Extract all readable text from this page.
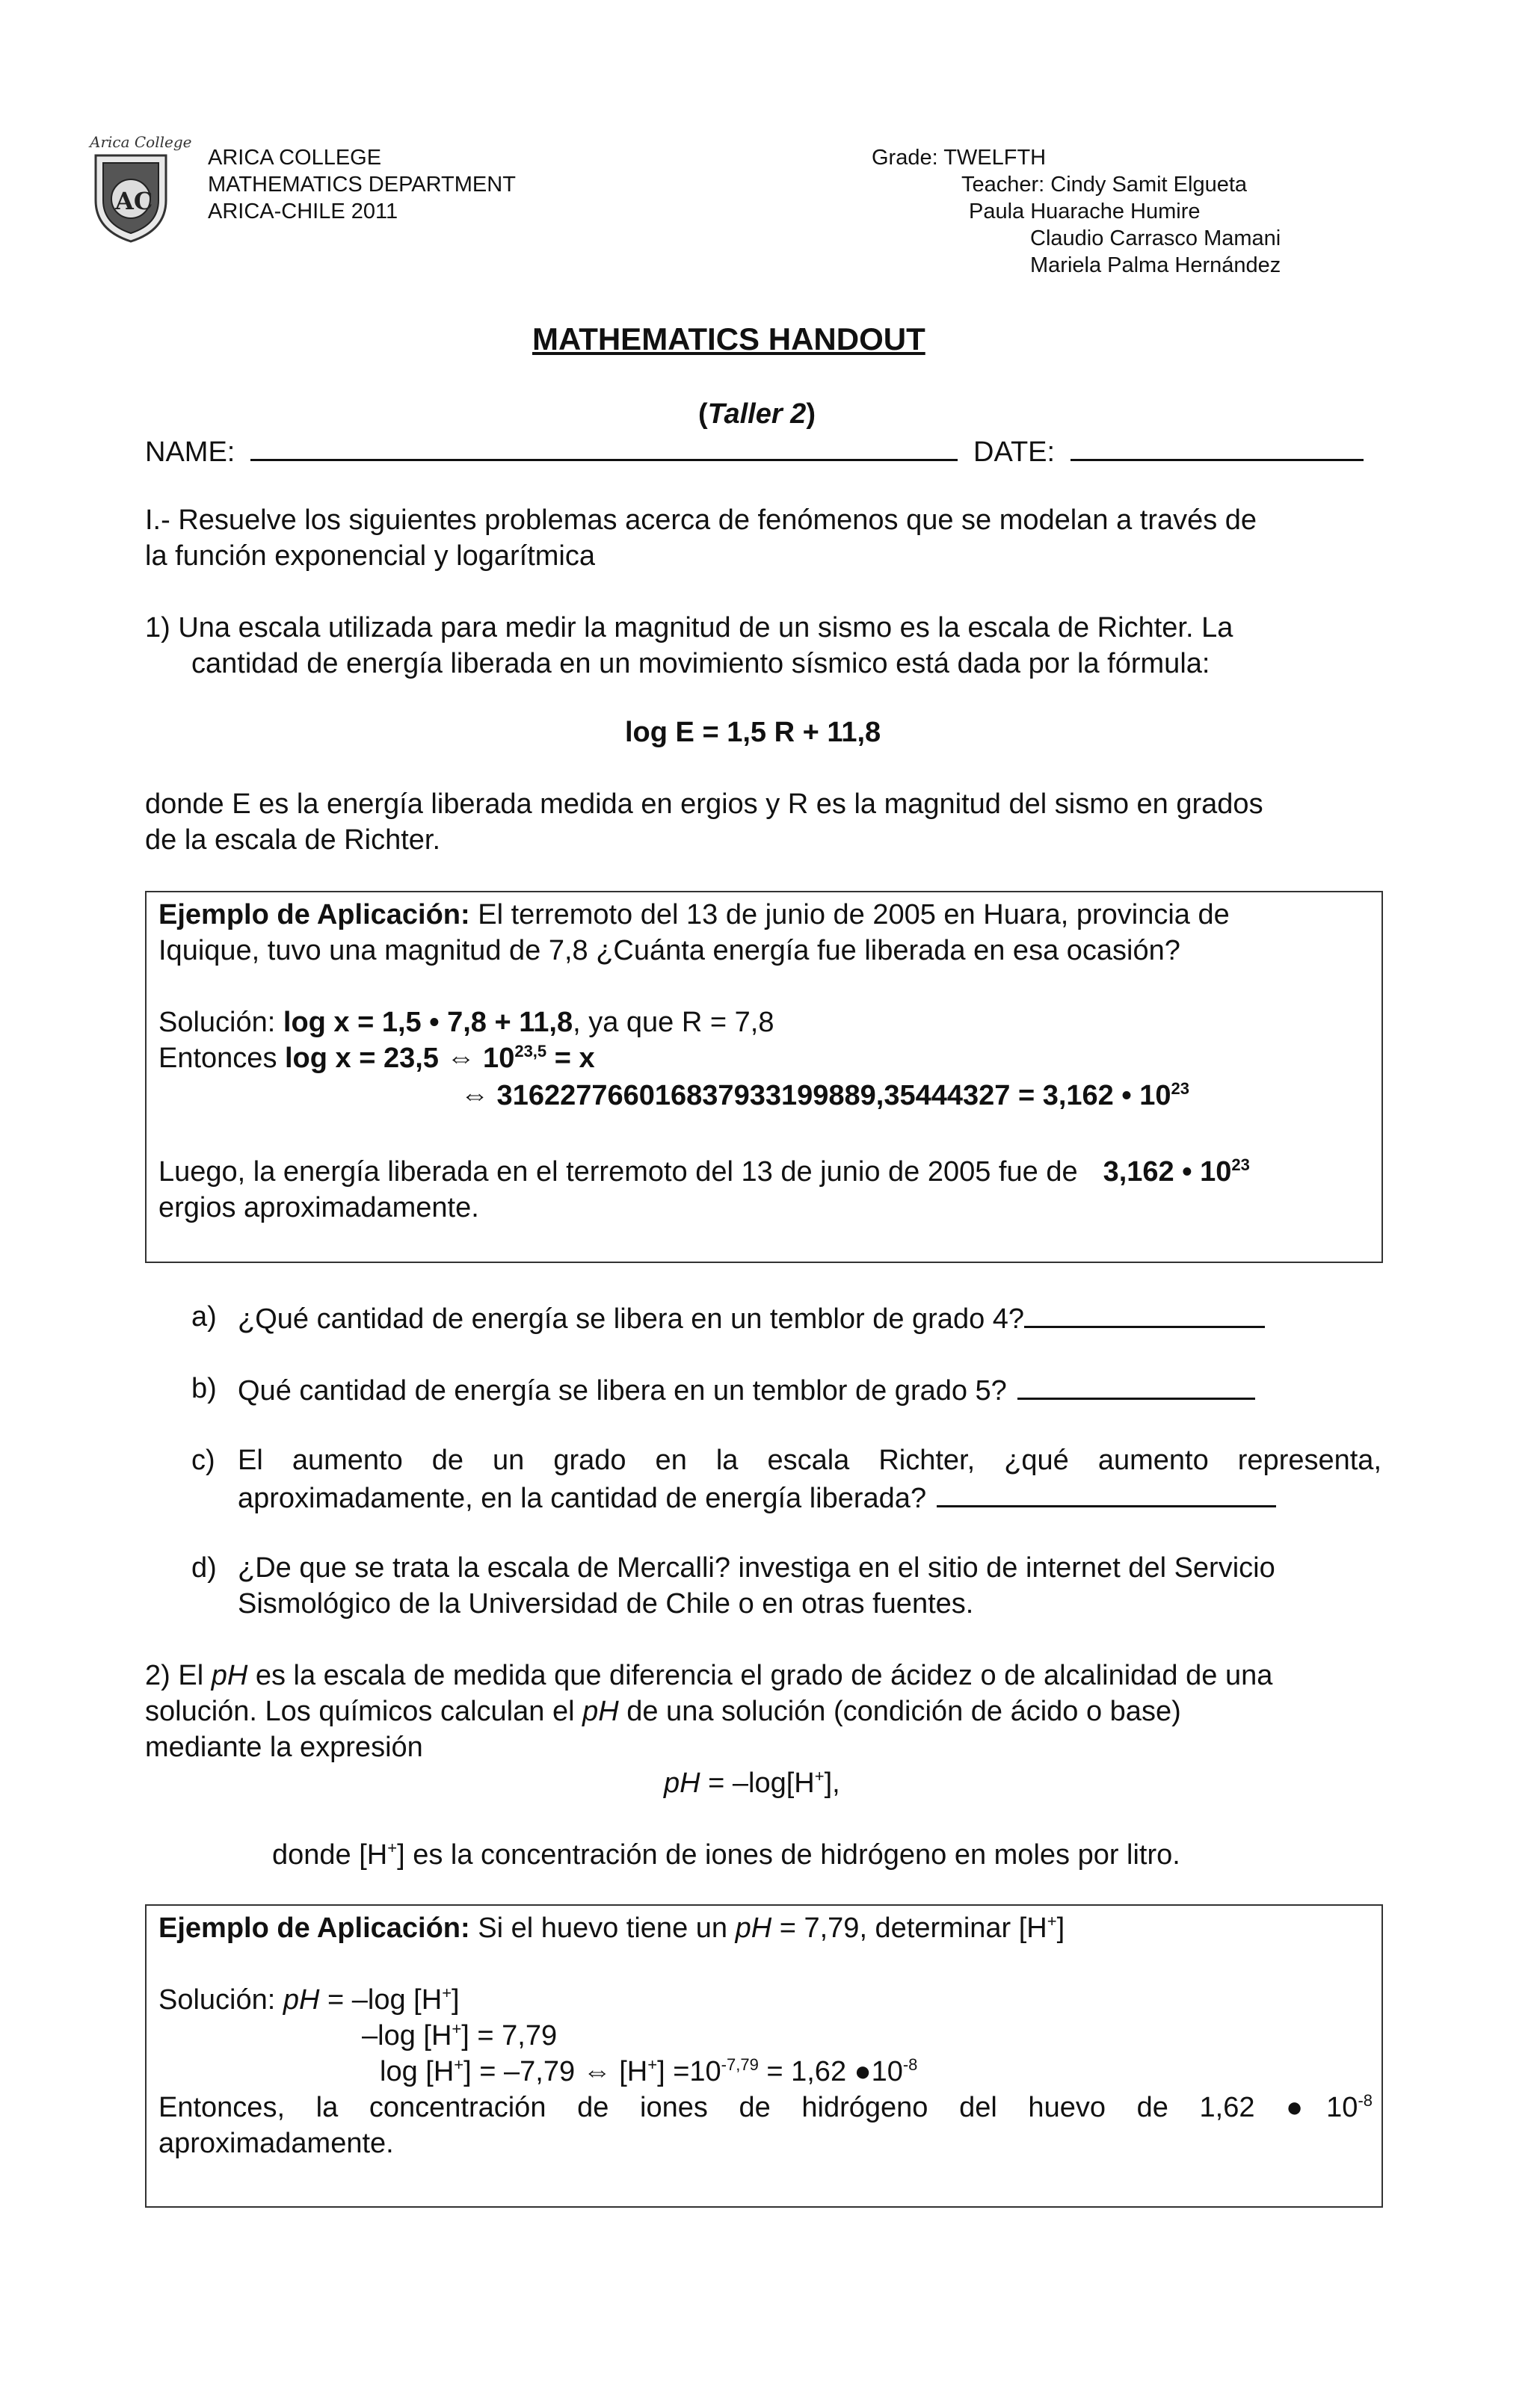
Arica College
AC
ARICA COLLEGE
MATHEMATICS DEPARTMENT
ARICA-CHILE 2011
Grade: TWELFTH
Teacher: Cindy Samit Elgueta
Paula Huarache Humire
Claudio Carrasco Mamani
Mariela Palma Hernández
MATHEMATICS HANDOUT
(Taller 2)
NAME:	DATE:
I.- Resuelve los siguientes problemas acerca de fenómenos que se modelan a través de
la función exponencial y logarítmica
1) Una escala utilizada para medir la magnitud de un sismo es la escala de Richter. La
cantidad de energía liberada en un movimiento sísmico está dada por la fórmula:
log E = 1,5 R + 11,8
donde E es la energía liberada medida en ergios y R es la magnitud del sismo en grados
de la escala de Richter.
Ejemplo de Aplicación: El terremoto del 13 de junio de 2005 en Huara, provincia de
Iquique, tuvo una magnitud de 7,8 ¿Cuánta energía fue liberada en esa ocasión?
Solución: log x = 1,5 • 7,8 + 11,8, ya que R = 7,8
Entonces log x = 23,5 ⇔ $10^{23,5} = x$
⇔ 316227766016837933199889,35444327 = 3,162 • $10^{23}$
Luego, la energía liberada en el terremoto del 13 de junio de 2005 fue de 3,162 • $10^{23}$
ergios aproximadamente.
a) ¿Qué cantidad de energía se libera en un temblor de grado 4?
b) Qué cantidad de energía se libera en un temblor de grado 5?
c) El aumento de un grado en la escala Richter, ¿qué aumento representa,
aproximadamente, en la cantidad de energía liberada?
d) ¿De que se trata la escala de Mercalli? investiga en el sitio de internet del Servicio
Sismológico de la Universidad de Chile o en otras fuentes.
2) El pH es la escala de medida que diferencia el grado de ácidez o de alcalinidad de una
solución. Los químicos calculan el pH de una solución (condición de ácido o base)
mediante la expresión
pH = –log[H+],
donde [H+] es la concentración de iones de hidrógeno en moles por litro.
Ejemplo de Aplicación: Si el huevo tiene un pH = 7,79, determinar [H+]
Solución: pH = –log [H+]
–log [H+] = 7,79
log [H+] = –7,79 ⇔ $[H^+] =10^{-7,79} = 1,62$ $●10^{-8}$
Entonces, la concentración de iones de hidrógeno del huevo de 1,62 $●10^{-8}$
aproximadamente.
